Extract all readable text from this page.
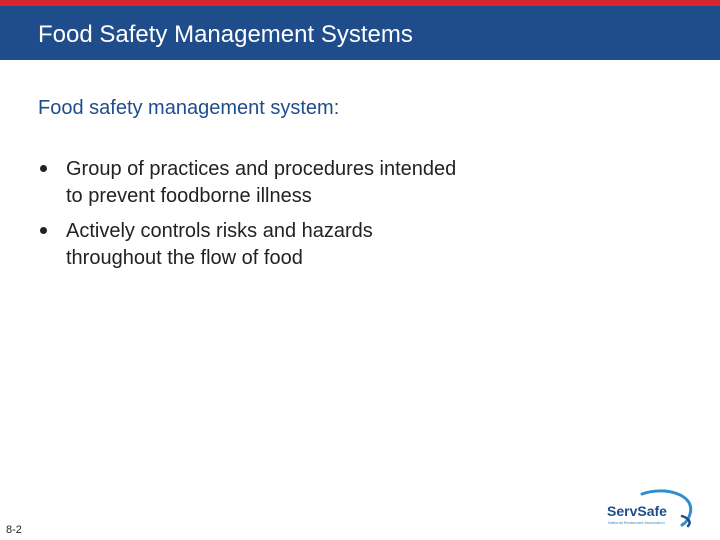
Food Safety Management Systems
Food safety management system:
Group of practices and procedures intended to prevent foodborne illness
Actively controls risks and hazards throughout the flow of food
8-2
ServSafe
National Restaurant Association
